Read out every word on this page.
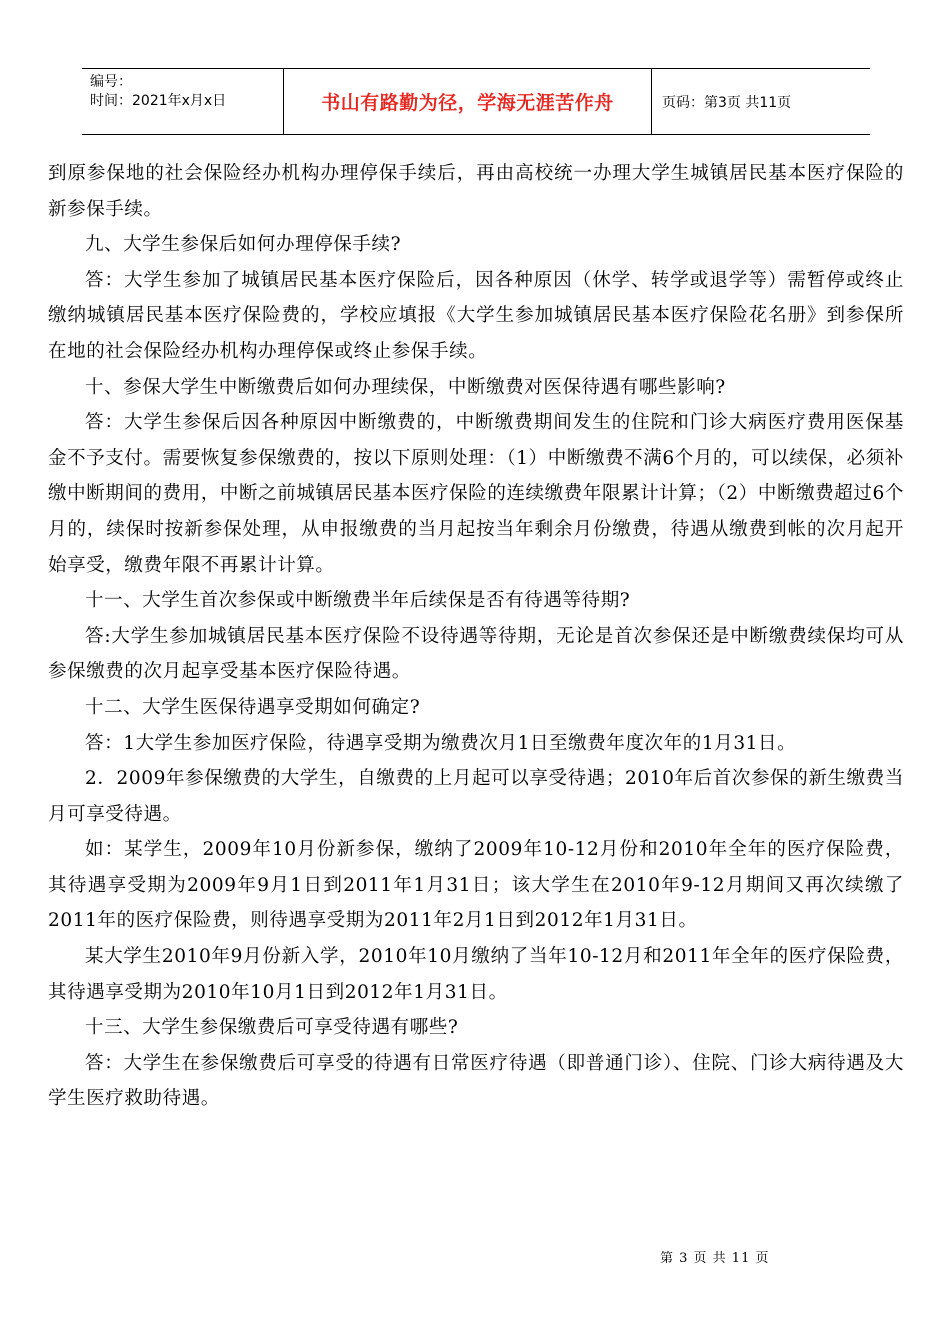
编号：
时间：2021年x月x日	书山有路勤为径，学海无涯苦作舟	页码：第3页 共11页

到原参保地的社会保险经办机构办理停保手续后，再由高校统一办理大学生城镇居民基本医疗保险的新参保手续。

九、大学生参保后如何办理停保手续?

答：大学生参加了城镇居民基本医疗保险后，因各种原因（休学、转学或退学等）需暂停或终止缴纳城镇居民基本医疗保险费的，学校应填报《大学生参加城镇居民基本医疗保险花名册》到参保所在地的社会保险经办机构办理停保或终止参保手续。

十、参保大学生中断缴费后如何办理续保，中断缴费对医保待遇有哪些影响?

答：大学生参保后因各种原因中断缴费的，中断缴费期间发生的住院和门诊大病医疗费用医保基金不予支付。需要恢复参保缴费的，按以下原则处理：（1）中断缴费不满6个月的，可以续保，必须补缴中断期间的费用，中断之前城镇居民基本医疗保险的连续缴费年限累计计算；（2）中断缴费超过6个月的，续保时按新参保处理，从申报缴费的当月起按当年剩余月份缴费，待遇从缴费到帐的次月起开始享受，缴费年限不再累计计算。

十一、大学生首次参保或中断缴费半年后续保是否有待遇等待期?

答:大学生参加城镇居民基本医疗保险不设待遇等待期，无论是首次参保还是中断缴费续保均可从参保缴费的次月起享受基本医疗保险待遇。

十二、大学生医保待遇享受期如何确定?

答：1大学生参加医疗保险，待遇享受期为缴费次月1日至缴费年度次年的1月31日。

2．2009年参保缴费的大学生，自缴费的上月起可以享受待遇；2010年后首次参保的新生缴费当月可享受待遇。

如：某学生，2009年10月份新参保，缴纳了2009年10-12月份和2010年全年的医疗保险费，其待遇享受期为2009年9月1日到2011年1月31日；该大学生在2010年9-12月期间又再次续缴了2011年的医疗保险费，则待遇享受期为2011年2月1日到2012年1月31日。

某大学生2010年9月份新入学，2010年10月缴纳了当年10-12月和2011年全年的医疗保险费，其待遇享受期为2010年10月1日到2012年1月31日。

十三、大学生参保缴费后可享受待遇有哪些?

答：大学生在参保缴费后可享受的待遇有日常医疗待遇（即普通门诊）、住院、门诊大病待遇及大学生医疗救助待遇。

第 3 页 共 11 页
